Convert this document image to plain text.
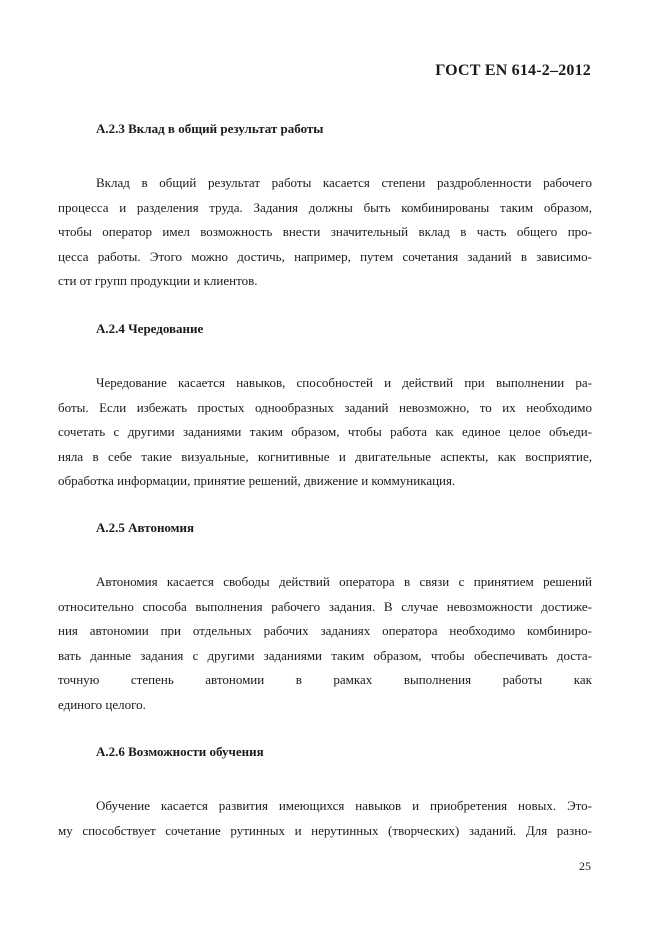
ГОСТ EN 614-2–2012

А.2.3 Вклад в общий результат работы

Вклад в общий результат работы касается степени раздробленности рабочего
процесса и разделения труда. Задания должны быть комбинированы таким образом,
чтобы оператор имел возможность внести значительный вклад в часть общего про-
цесса работы. Этого можно достичь, например, путем сочетания заданий в зависимо-
сти от групп продукции и клиентов.

А.2.4 Чередование

Чередование касается навыков, способностей и действий при выполнении ра-
боты. Если избежать простых однообразных заданий невозможно, то их необходимо
сочетать с другими заданиями таким образом, чтобы работа как единое целое объеди-
няла в себе такие визуальные, когнитивные и двигательные аспекты, как восприятие,
обработка информации, принятие решений, движение и коммуникация.

А.2.5 Автономия

Автономия касается свободы действий оператора в связи с принятием решений
относительно способа выполнения рабочего задания. В случае невозможности достиже-
ния автономии при отдельных рабочих заданиях оператора необходимо комбиниро-
вать данные задания с другими заданиями таким образом, чтобы обеспечивать доста-
точную степень автономии в рамках выполнения работы как
единого целого.

А.2.6 Возможности обучения

Обучение касается развития имеющихся навыков и приобретения новых. Это-
му способствует сочетание рутинных и нерутинных (творческих) заданий. Для разно-
25
